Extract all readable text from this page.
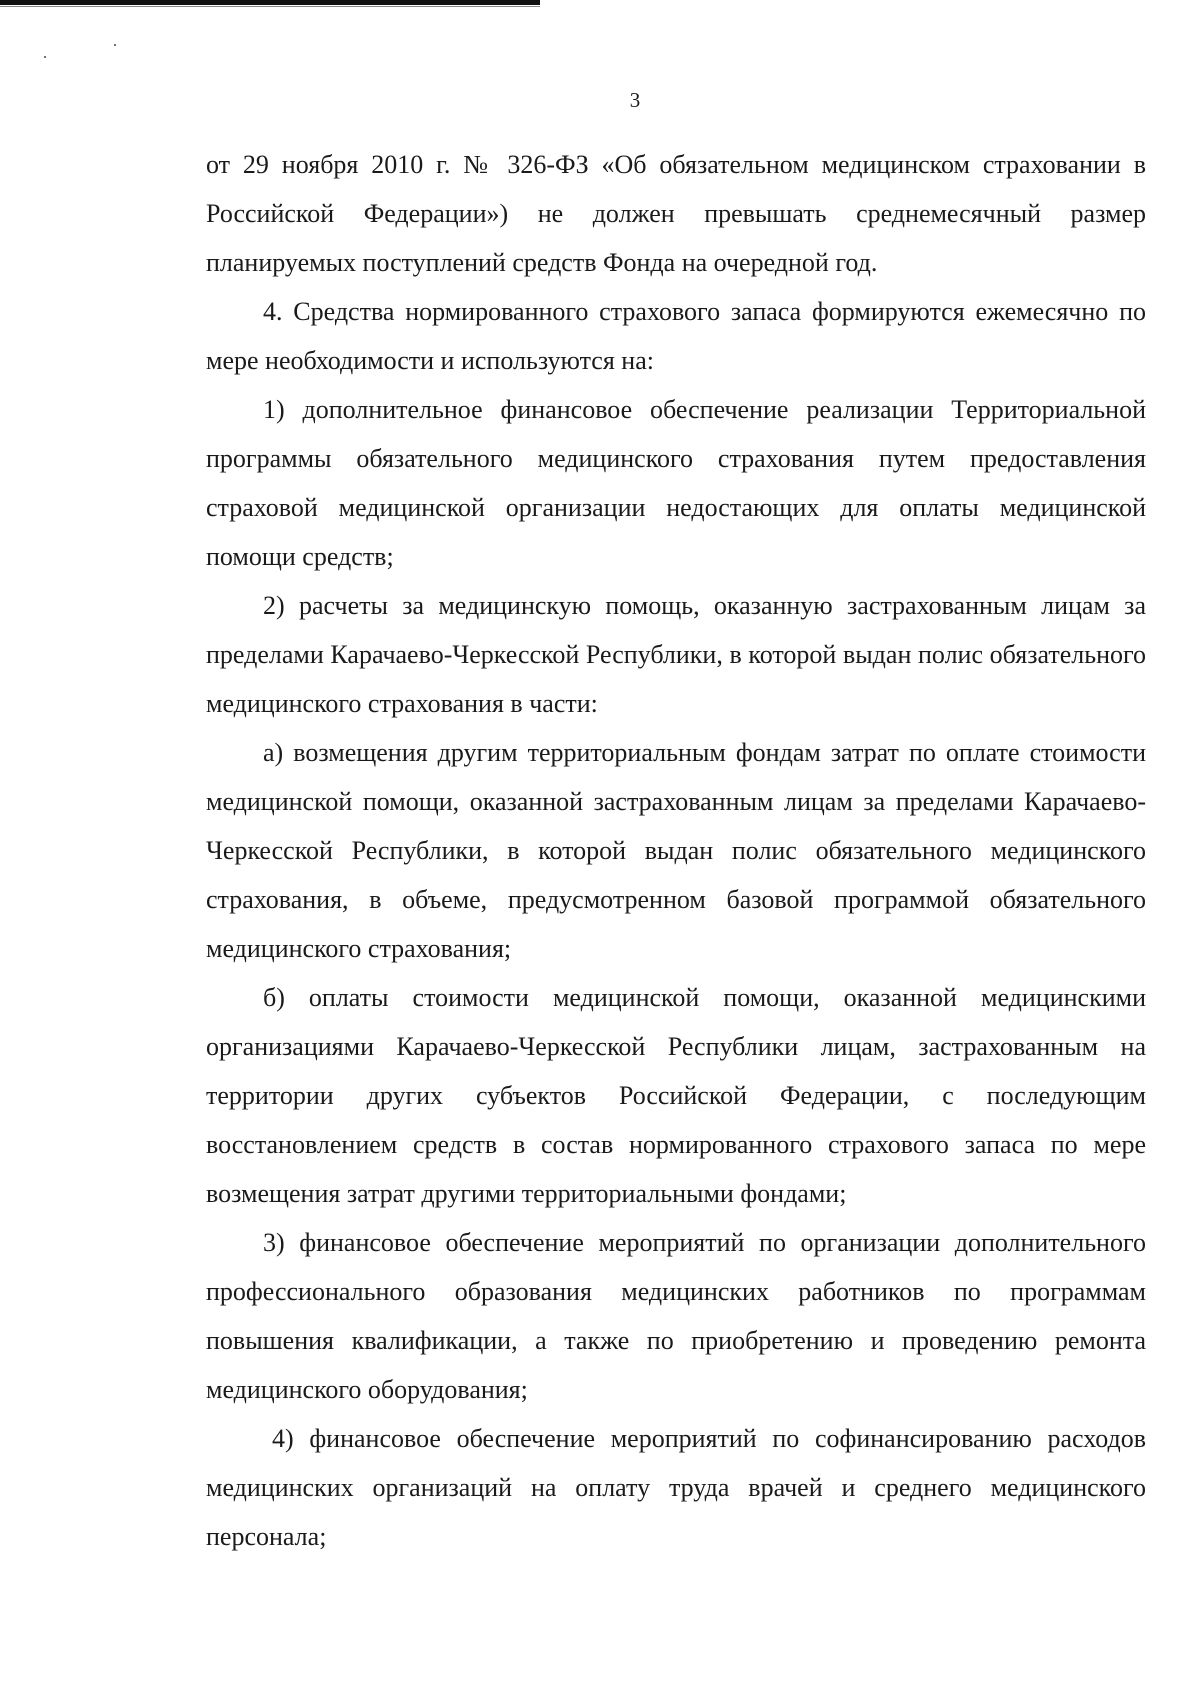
3

от 29 ноября 2010 г. № 326-ФЗ «Об обязательном медицинском страховании в Российской Федерации») не должен превышать среднемесячный размер планируемых поступлений средств Фонда на очередной год.

4. Средства нормированного страхового запаса формируются ежемесячно по мере необходимости и используются на:

1) дополнительное финансовое обеспечение реализации Территориальной программы обязательного медицинского страхования путем предоставления страховой медицинской организации недостающих для оплаты медицинской помощи средств;

2) расчеты за медицинскую помощь, оказанную застрахованным лицам за пределами Карачаево-Черкесской Республики, в которой выдан полис обязательного медицинского страхования в части:

а) возмещения другим территориальным фондам затрат по оплате стоимости медицинской помощи, оказанной застрахованным лицам за пределами Карачаево-Черкесской Республики, в которой выдан полис обязательного медицинского страхования, в объеме, предусмотренном базовой программой обязательного медицинского страхования;

б) оплаты стоимости медицинской помощи, оказанной медицинскими организациями Карачаево-Черкесской Республики лицам, застрахованным на территории других субъектов Российской Федерации, с последующим восстановлением средств в состав нормированного страхового запаса по мере возмещения затрат другими территориальными фондами;

3) финансовое обеспечение мероприятий по организации дополнительного профессионального образования медицинских работников по программам повышения квалификации, а также по приобретению и проведению ремонта медицинского оборудования;

4) финансовое обеспечение мероприятий по софинансированию расходов медицинских организаций на оплату труда врачей и среднего медицинского персонала;
